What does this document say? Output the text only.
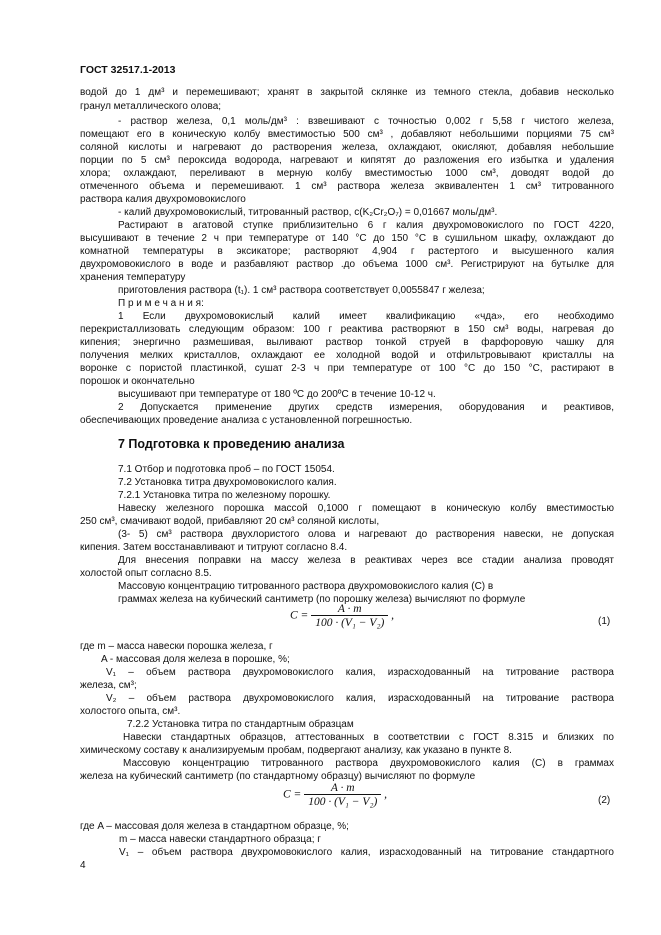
ГОСТ 32517.1-2013
водой до 1 дм³ и перемешивают; хранят в закрытой склянке из темного стекла, добавив несколько
гранул металлического олова;
- раствор железа, 0,1 моль/дм³ : взвешивают с точностью 0,002 г 5,58 г чистого железа,
помещают его в коническую колбу вместимостью 500 см³ , добавляют небольшими порциями 75 см³
соляной кислоты и нагревают до растворения железа, охлаждают, окисляют, добавляя небольшие
порции по 5 см³ пероксида водорода, нагревают и кипятят до разложения его избытка и удаления
хлора; охлаждают, переливают в мерную колбу вместимостью 1000 см³, доводят водой до
отмеченного объема и перемешивают. 1 см³ раствора железа эквивалентен 1 см³ титрованного
раствора калия двухромовокислого
- калий двухромовокислый, титрованный раствор, с(K₂Cr₂O₇) = 0,01667 моль/дм³.
Растирают в агатовой ступке приблизительно 6 г калия двухромовокислого по ГОСТ 4220,
высушивают в течение 2 ч при температуре от 140 °С до 150 °С в сушильном шкафу, охлаждают до
комнатной температуры в эксикаторе; растворяют 4,904 г растертого и высушенного калия
двухромовокислого в воде и разбавляют раствор .до объема 1000 см³. Регистрируют на бутылке для
хранения температуру
приготовления раствора (t₁). 1 см³ раствора соответствует 0,0055847 г железа;
П р и м е ч а н и я:
1 Если двухромовокислый калий имеет квалификацию «чда», его необходимо
перекристаллизовать следующим образом: 100 г реактива растворяют в 150 см³ воды, нагревая до
кипения; энергично размешивая, выливают раствор тонкой струей в фарфоровую чашку для
получения мелких кристаллов, охлаждают ее холодной водой и отфильтровывают кристаллы на
воронке с пористой пластинкой, сушат 2-3 ч при температуре от 100 °С до 150 °С, растирают в
порошок и окончательно
высушивают при температуре от 180 ºС до 200ºС в течение 10-12 ч.
2 Допускается применение других средств измерения, оборудования и реактивов,
обеспечивающих проведение анализа с установленной погрешностью.
7.1 Отбор и подготовка проб – по ГОСТ 15054.
7.2 Установка титра двухромовокислого калия.
7.2.1 Установка титра по железному порошку.
Навеску железного порошка массой 0,1000 г помещают в коническую колбу вместимостью
250 см³, смачивают водой, прибавляют 20 см³ соляной кислоты,
(3- 5) см³ раствора двухлористого олова и нагревают до растворения навески, не допуская
кипения. Затем восстанавливают и титруют согласно 8.4.
Для внесения поправки на массу железа в реактивах через все стадии анализа проводят
холостой опыт согласно 8.5.
Массовую концентрацию титрованного раствора двухромовокислого калия (C) в
граммах железа на кубический сантиметр (по порошку железа) вычисляют по формуле
где m – масса навески порошка железа, г
A - массовая доля железа в порошке, %;
V₁ – объем раствора двухромовокислого калия, израсходованный на титрование раствора
железа, см³;
V₂ – объем раствора двухромовокислого калия, израсходованный на титрование раствора
холостого опыта, см³.
7.2.2 Установка титра по стандартным образцам
Навески стандартных образцов, аттестованных в соответствии с ГОСТ 8.315 и близких по
химическому составу к анализируемым пробам, подвергают анализу, как указано в пункте 8.
Массовую концентрацию титрованного раствора двухромовокислого калия (C) в граммах
железа на кубический сантиметр (по стандартному образцу) вычисляют по формуле
где A – массовая доля железа в стандартном образце, %;
m – масса навески стандартного образца; г
V₁ – объем раствора двухромовокислого калия, израсходованный на титрование стандартного
7 Подготовка к проведению анализа
$C = \frac{A \cdot m}{\text{100 · (V₁ − V₂)}}$ ,	(1)
$C = \frac{A \cdot m}{\text{100 · (V₁ − V₂)}}$ ,	(2)
4
